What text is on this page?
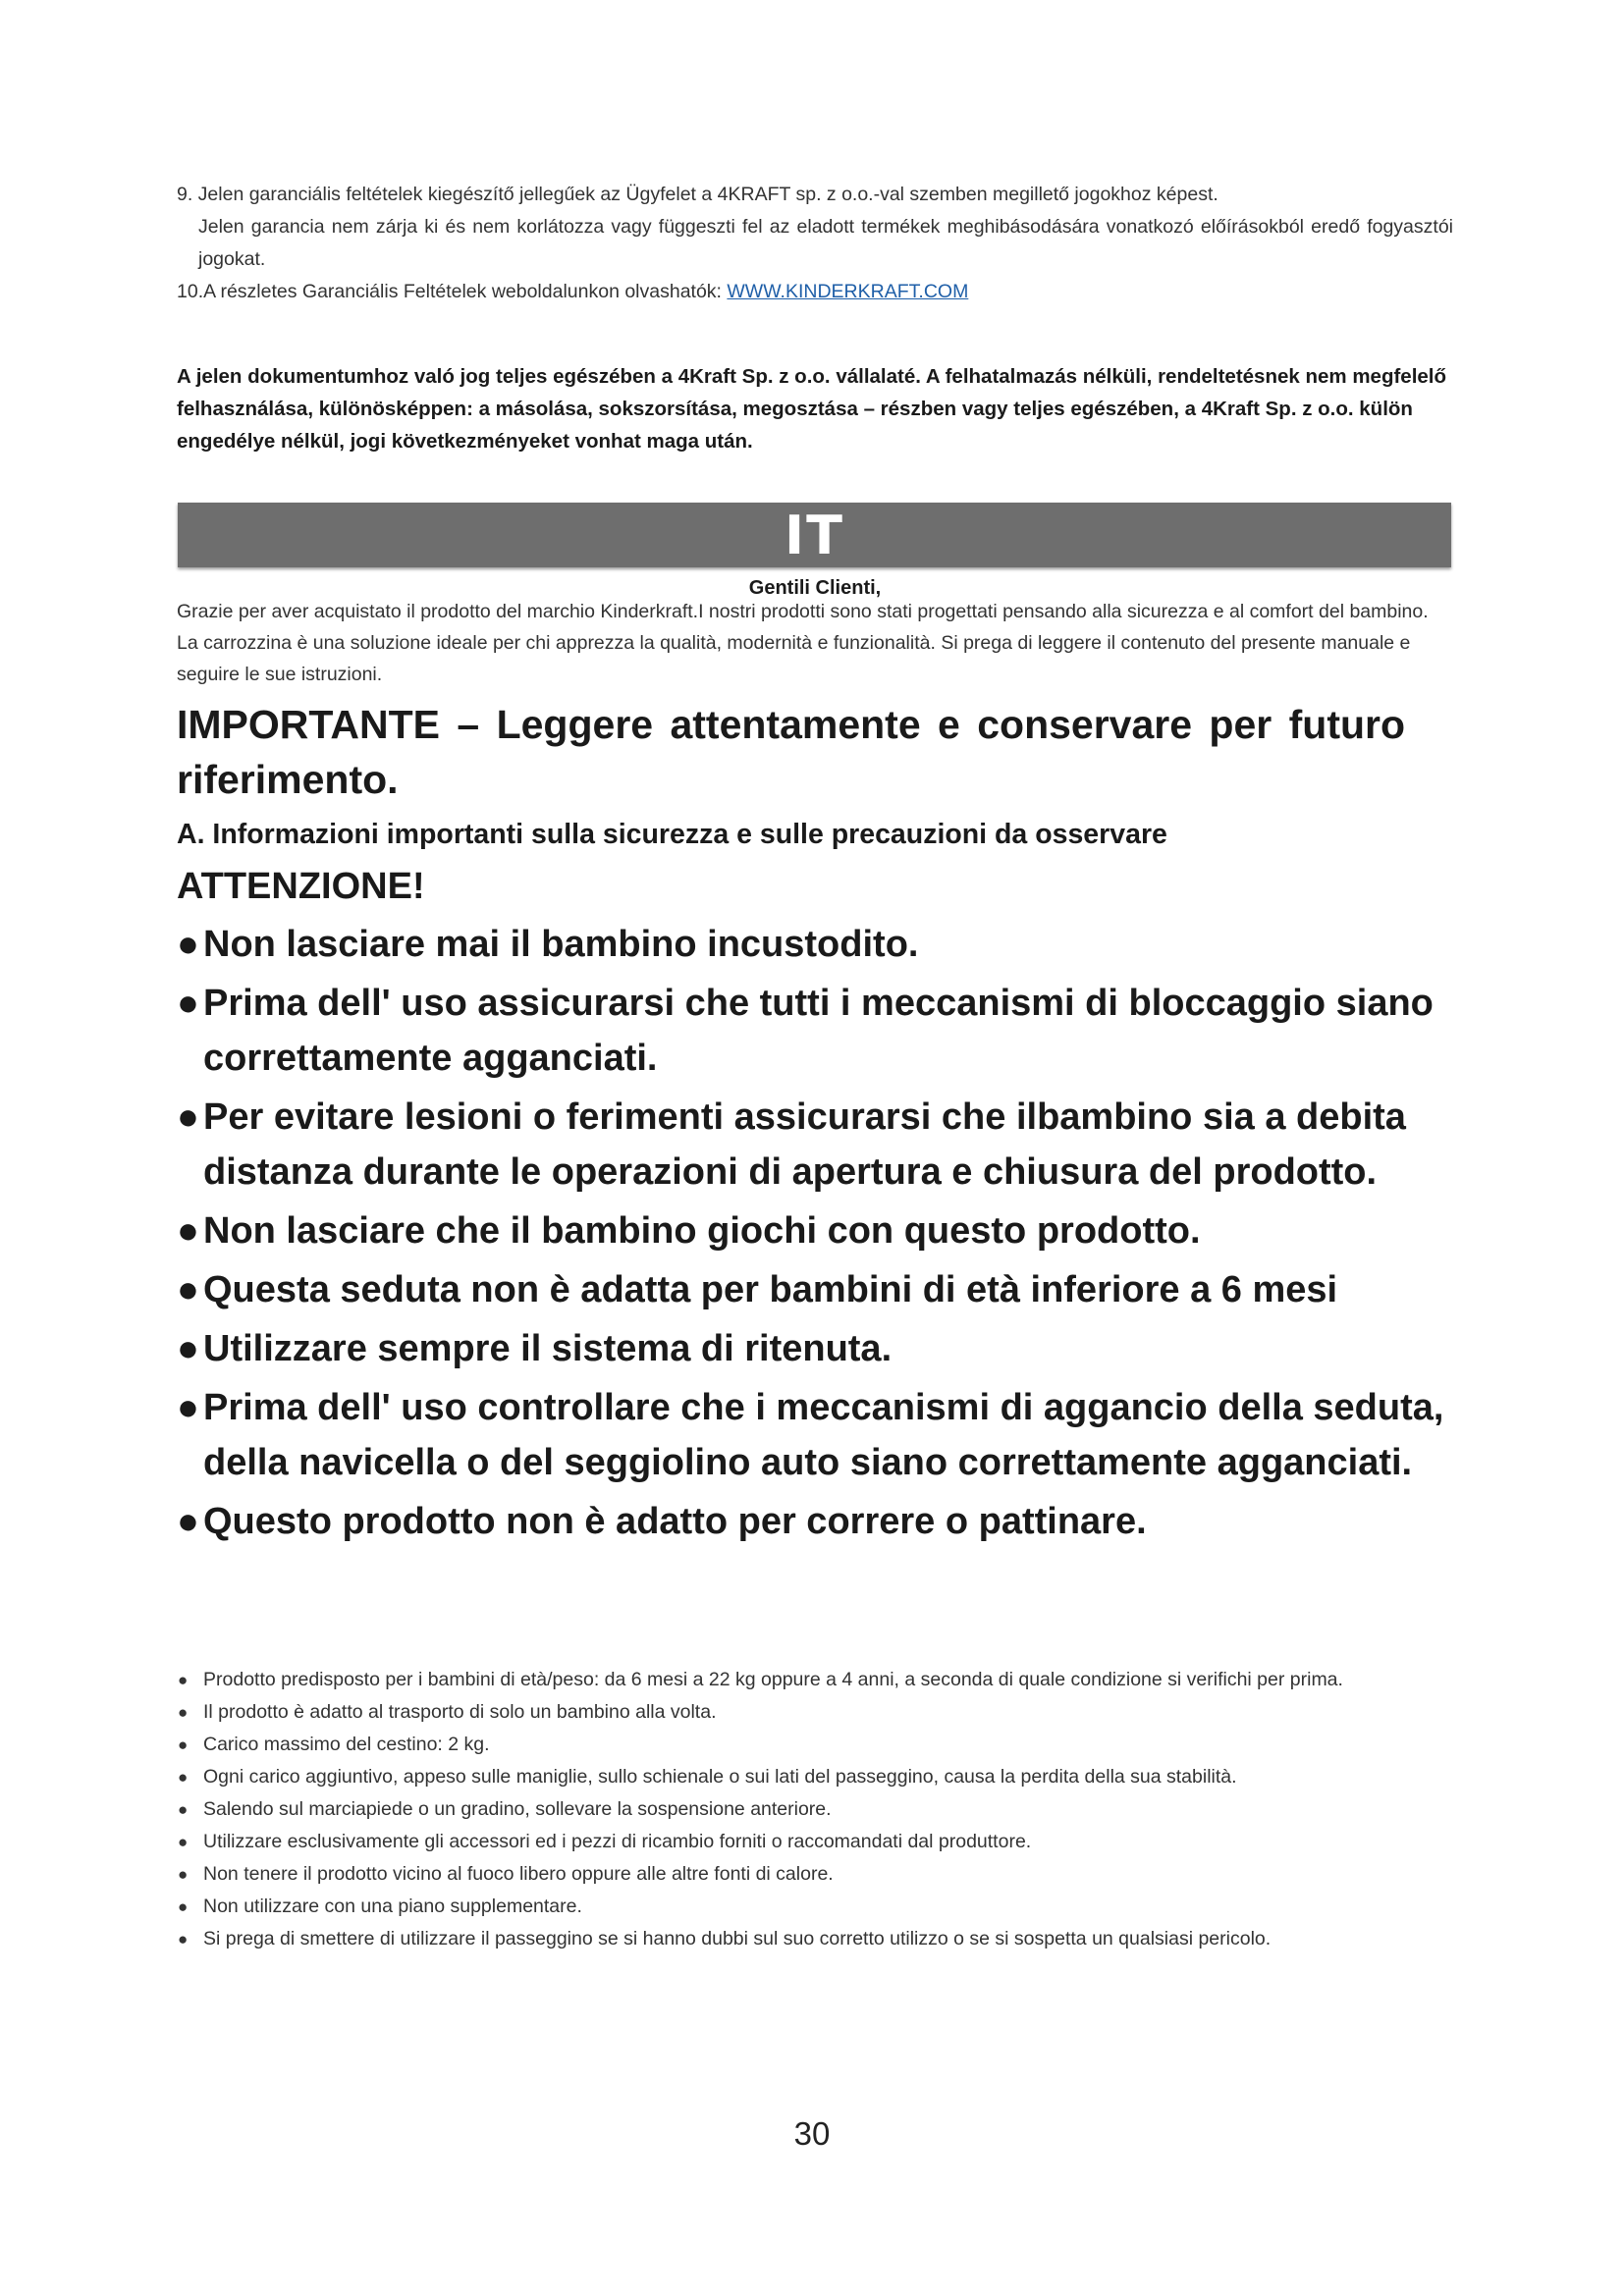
9. Jelen garanciális feltételek kiegészítő jellegűek az Ügyfelet a 4KRAFT sp. z o.o.-val szemben megillető jogokhoz képest.

Jelen garancia nem zárja ki és nem korlátozza vagy függeszti fel az eladott termékek meghibásodására vonatkozó előírásokból eredő fogyasztói jogokat.

10.A részletes Garanciális Feltételek weboldalunkon olvashatók: WWW.KINDERKRAFT.COM

A jelen dokumentumhoz való jog teljes egészében a 4Kraft Sp. z o.o. vállalaté. A felhatalmazás nélküli, rendeltetésnek nem megfelelő felhasználása, különösképpen: a másolása, sokszorsítása, megosztása – részben vagy teljes egészében, a 4Kraft Sp. z o.o. külön engedélye nélkül, jogi következményeket vonhat maga után.
IT
Gentili Clienti,
Grazie per aver acquistato il prodotto del marchio Kinderkraft.I nostri prodotti sono stati progettati pensando alla sicurezza e al comfort del bambino. La carrozzina è una soluzione ideale per chi apprezza la qualità, modernità e funzionalità. Si prega di leggere il contenuto del presente manuale e seguire le sue istruzioni.
IMPORTANTE – Leggere attentamente e conservare per futuro riferimento.
A. Informazioni importanti sulla sicurezza e sulle precauzioni da osservare
ATTENZIONE!
● Non lasciare mai il bambino incustodito.
● Prima dell' uso assicurarsi che tutti i meccanismi di bloccaggio siano correttamente agganciati.
● Per evitare lesioni o ferimenti assicurarsi che ilbambino sia a debita distanza durante le operazioni di apertura e chiusura del prodotto.
● Non lasciare che il bambino giochi con questo prodotto.
● Questa seduta non è adatta per bambini di età inferiore a 6 mesi
● Utilizzare sempre il sistema di ritenuta.
● Prima dell' uso controllare che i meccanismi di aggancio della seduta, della navicella o del seggiolino auto siano correttamente agganciati.
● Questo prodotto non è adatto per correre o pattinare.
● Prodotto predisposto per i bambini di età/peso: da 6 mesi a 22 kg oppure a 4 anni, a seconda di quale condizione si verifichi per prima.
● Il prodotto è adatto al trasporto di solo un bambino alla volta.
● Carico massimo del cestino: 2 kg.
● Ogni carico aggiuntivo, appeso sulle maniglie, sullo schienale o sui lati del passeggino, causa la perdita della sua stabilità.
● Salendo sul marciapiede o un gradino, sollevare la sospensione anteriore.
● Utilizzare esclusivamente gli accessori ed i pezzi di ricambio forniti o raccomandati dal produttore.
● Non tenere il prodotto vicino al fuoco libero oppure alle altre fonti di calore.
● Non utilizzare con una piano supplementare.
● Si prega di smettere di utilizzare il passeggino se si hanno dubbi sul suo corretto utilizzo o se si sospetta un qualsiasi pericolo.
30
